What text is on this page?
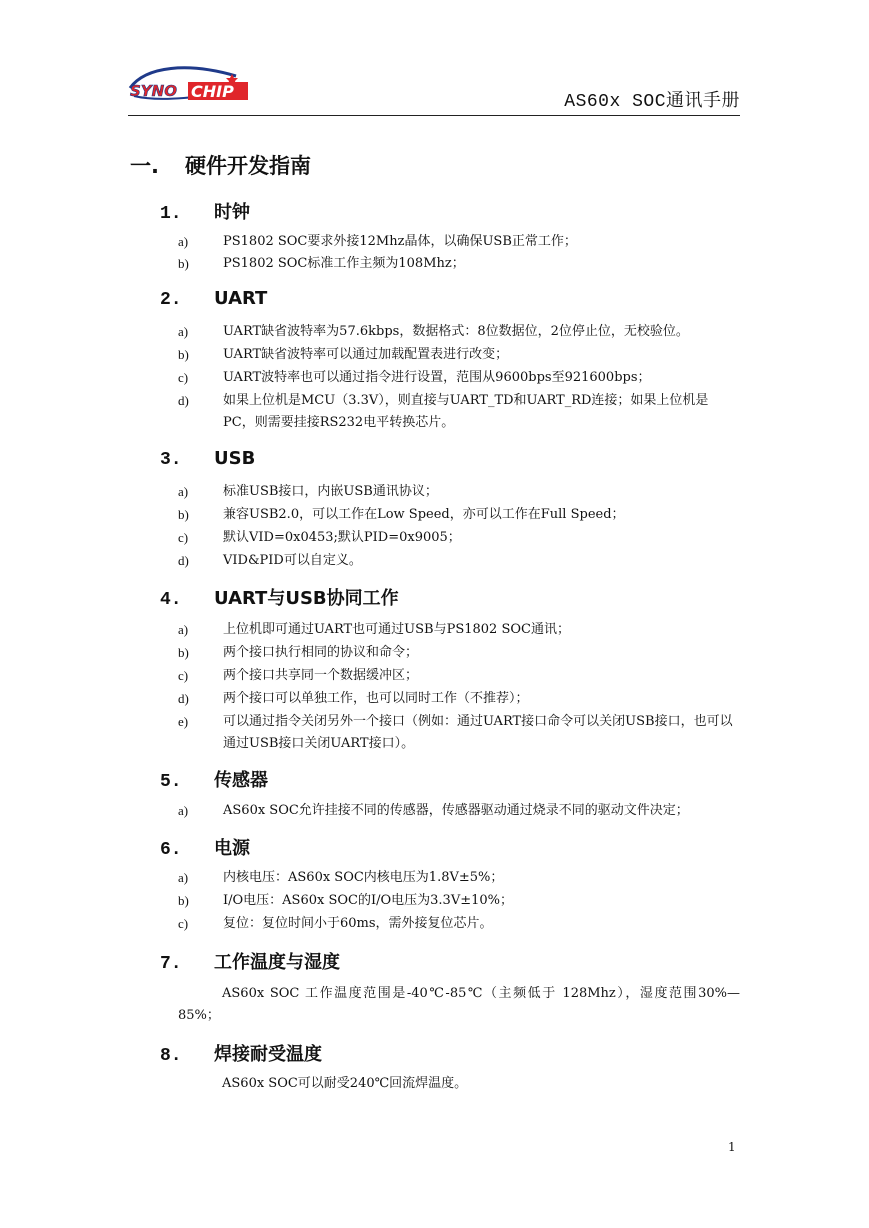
SYNO CHIP
AS60x SOC通讯手册
一. 硬件开发指南
1. 时钟
a)	PS1802 SOC要求外接12Mhz晶体，以确保USB正常工作；
b)	PS1802 SOC标准工作主频为108Mhz；
2. UART
a)	UART缺省波特率为57.6kbps，数据格式：8位数据位，2位停止位，无校验位。
b)	UART缺省波特率可以通过加载配置表进行改变；
c)	UART波特率也可以通过指令进行设置，范围从9600bps至921600bps；
d)	如果上位机是MCU（3.3V），则直接与UART_TD和UART_RD连接；如果上位机是PC，则需要挂接RS232电平转换芯片。
3. USB
a)	标准USB接口，内嵌USB通讯协议；
b)	兼容USB2.0，可以工作在Low Speed，亦可以工作在Full Speed；
c)	默认VID=0x0453;默认PID=0x9005；
d)	VID&PID可以自定义。
4. UART与USB协同工作
a)	上位机即可通过UART也可通过USB与PS1802 SOC通讯；
b)	两个接口执行相同的协议和命令；
c)	两个接口共享同一个数据缓冲区；
d)	两个接口可以单独工作，也可以同时工作（不推荐）；
e)	可以通过指令关闭另外一个接口（例如：通过UART接口命令可以关闭USB接口，也可以通过USB接口关闭UART接口）。
5. 传感器
a)	AS60x SOC允许挂接不同的传感器，传感器驱动通过烧录不同的驱动文件决定；
6. 电源
a)	内核电压：AS60x SOC内核电压为1.8V±5%；
b)	I/O电压：AS60x SOC的I/O电压为3.3V±10%；
c)	复位：复位时间小于60ms，需外接复位芯片。
7. 工作温度与湿度
AS60x SOC 工作温度范围是-40℃-85℃（主频低于 128Mhz），湿度范围30%—85%；
8. 焊接耐受温度
AS60x SOC可以耐受240℃回流焊温度。
1
